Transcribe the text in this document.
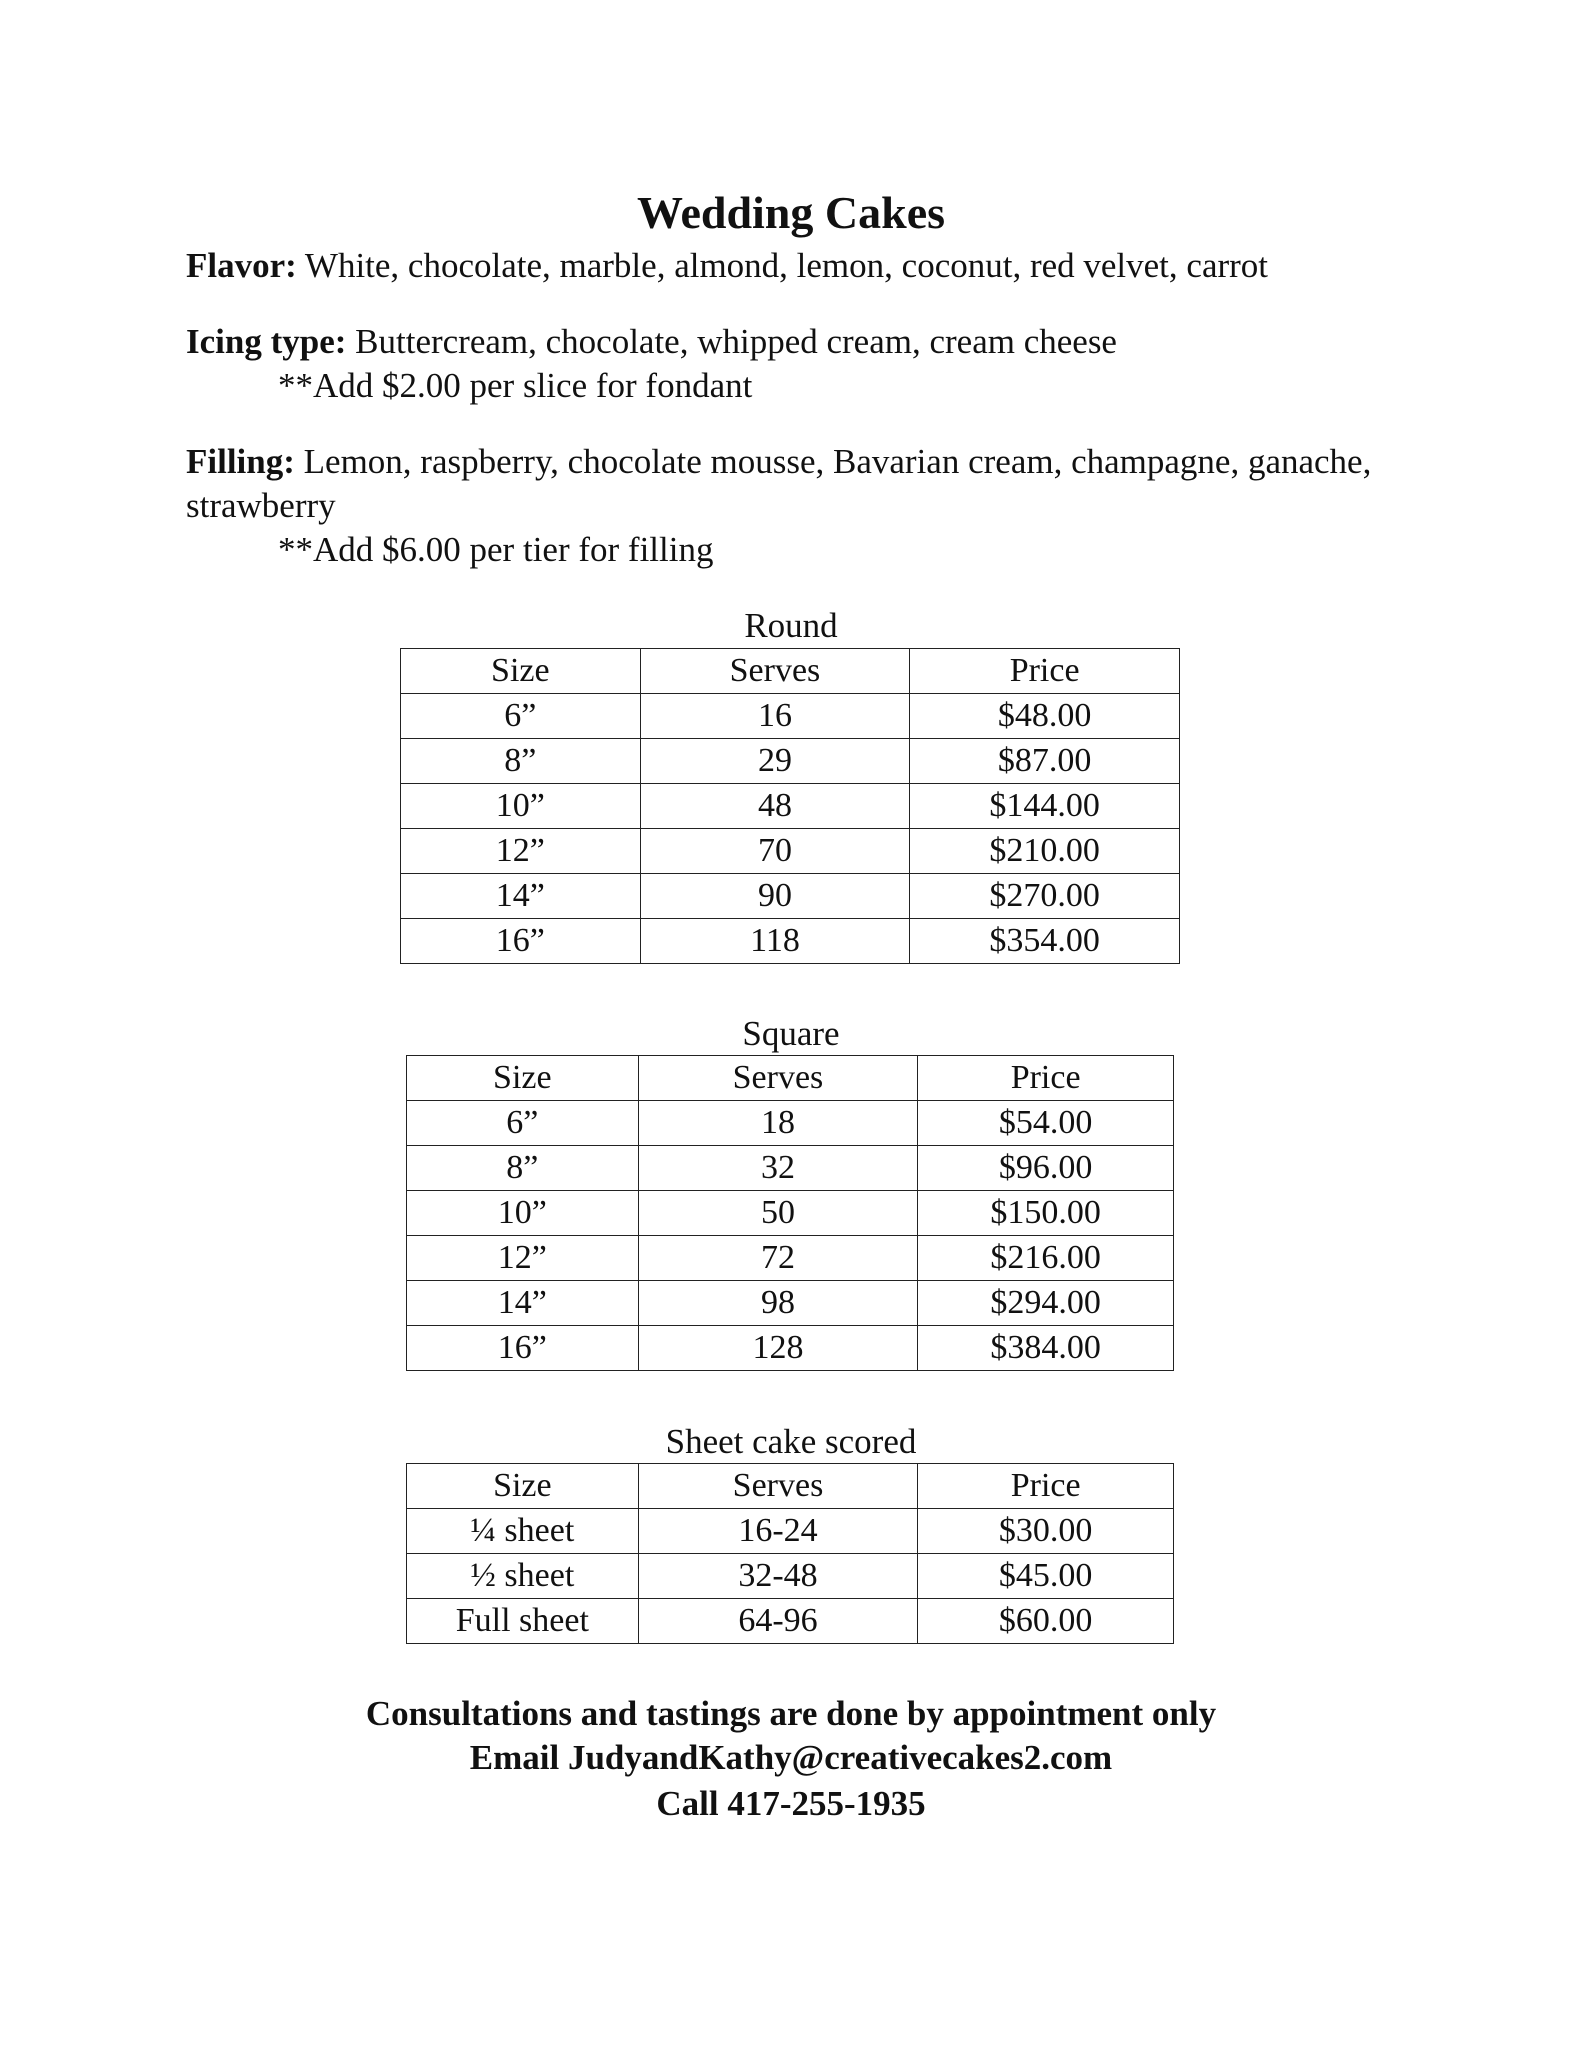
Wedding Cakes
Flavor: White, chocolate, marble, almond, lemon, coconut, red velvet, carrot
Icing type: Buttercream, chocolate, whipped cream, cream cheese
**Add $2.00 per slice for fondant
Filling: Lemon, raspberry, chocolate mousse, Bavarian cream, champagne, ganache, strawberry
**Add $6.00 per tier for filling
Round
Size	Serves	Price
6”	16	$48.00
8”	29	$87.00
10”	48	$144.00
12”	70	$210.00
14”	90	$270.00
16”	118	$354.00
Square
Size	Serves	Price
6”	18	$54.00
8”	32	$96.00
10”	50	$150.00
12”	72	$216.00
14”	98	$294.00
16”	128	$384.00
Sheet cake scored
Size	Serves	Price
¼ sheet	16-24	$30.00
½ sheet	32-48	$45.00
Full sheet	64-96	$60.00
Consultations and tastings are done by appointment only
Email JudyandKathy@creativecakes2.com
Call 417-255-1935
